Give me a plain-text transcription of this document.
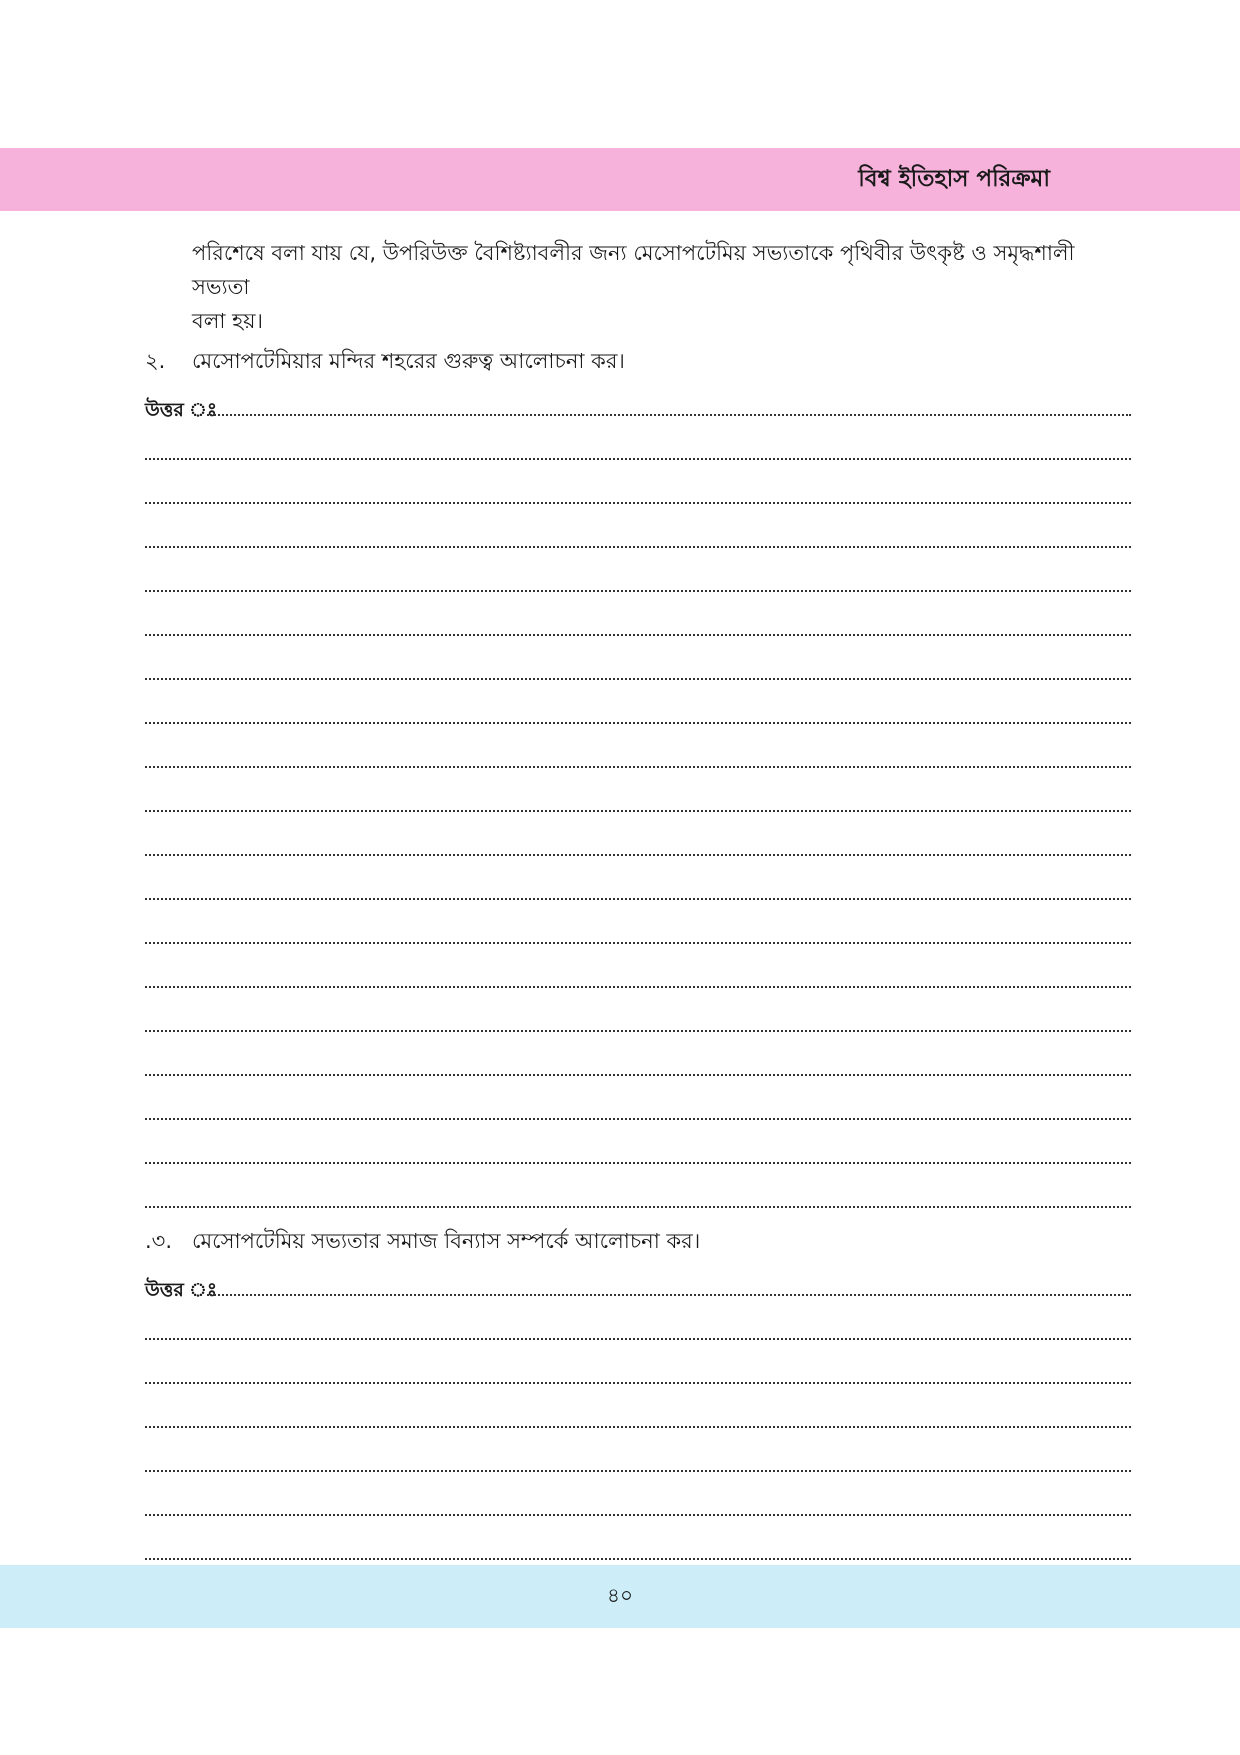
বিশ্ব ইতিহাস পরিক্রমা

পরিশেষে বলা যায় যে, উপরিউক্ত বৈশিষ্ট্যাবলীর জন্য মেসোপটেমিয় সভ্যতাকে পৃথিবীর উৎকৃষ্ট ও সমৃদ্ধশালী সভ্যতা

বলা হয়।

২.	মেসোপটেমিয়ার মন্দির শহরের গুরুত্ব আলোচনা কর।
উত্তর ঃ
.৩. মেসোপটেমিয় সভ্যতার সমাজ বিন্যাস সম্পর্কে আলোচনা কর।
উত্তর ঃ
৪০
